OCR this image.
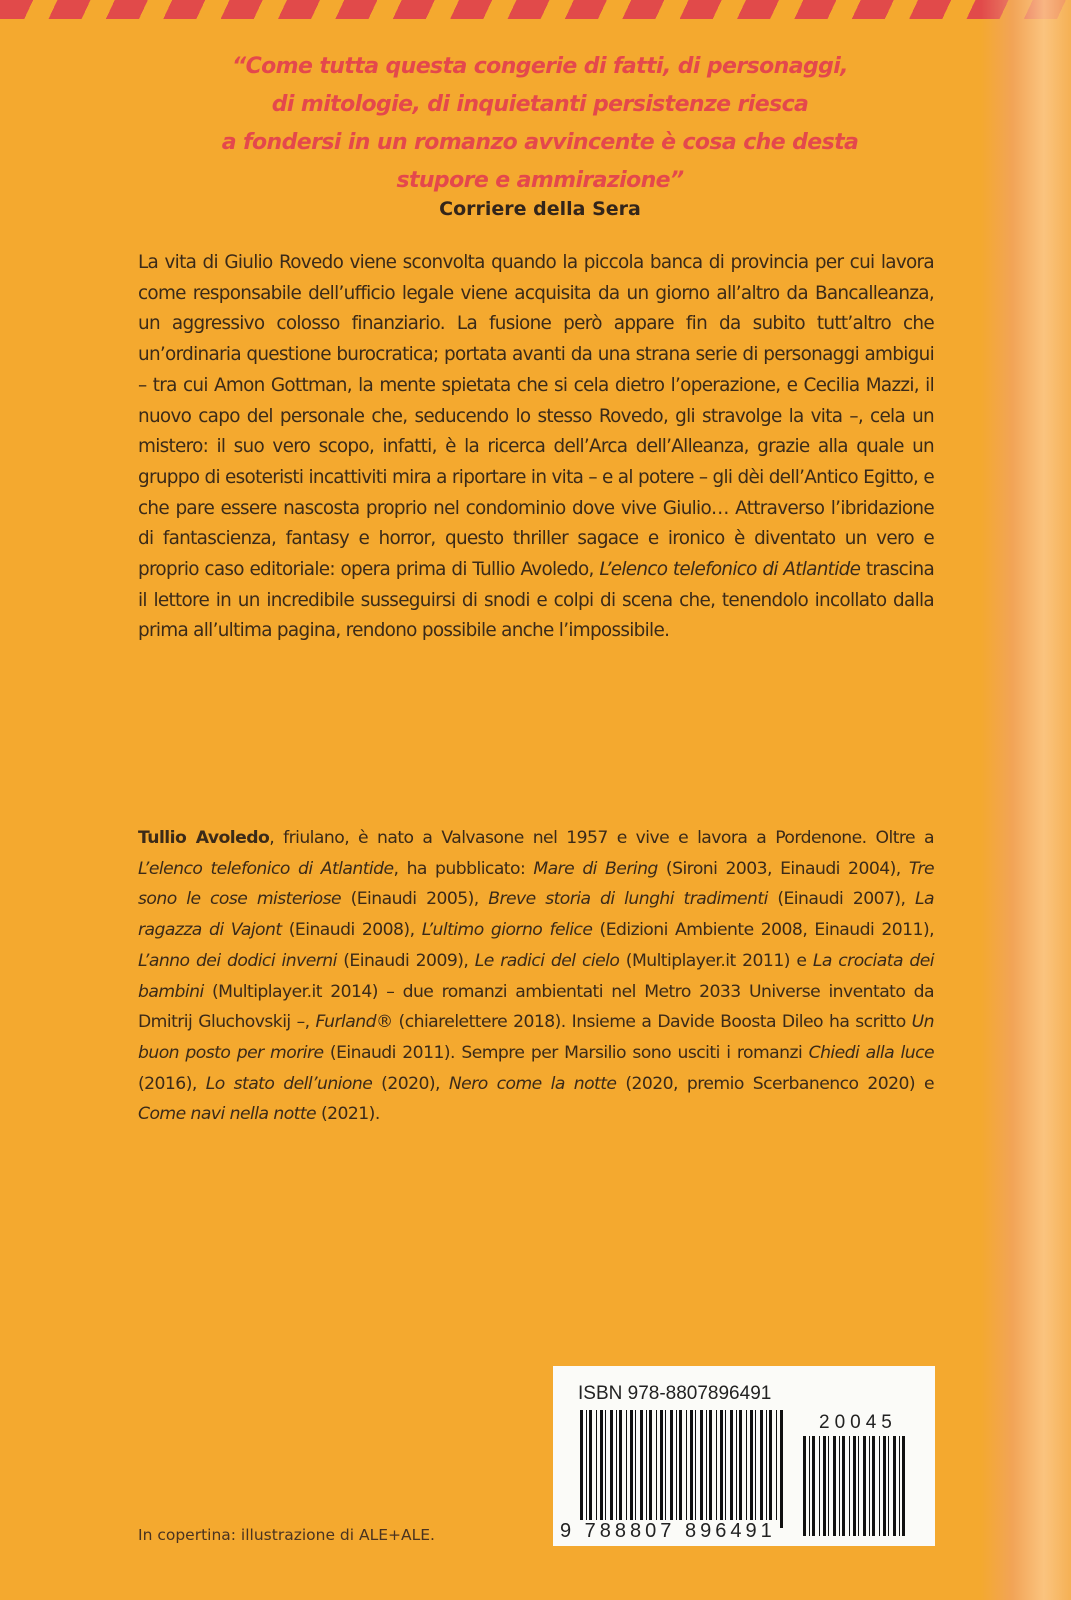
“Come tutta questa congerie di fatti, di personaggi,
di mitologie, di inquietanti persistenze riesca
a fondersi in un romanzo avvincente è cosa che desta
stupore e ammirazione”
Corriere della Sera
La vita di Giulio Rovedo viene sconvolta quando la piccola banca di provincia per cui lavora come responsabile dell’ufficio legale viene acquisita da un giorno all’altro da Bancalleanza, un aggressivo colosso finanziario. La fusione però appare fin da subito tutt’altro che un’ordinaria questione burocratica; portata avanti da una strana serie di personaggi ambigui – tra cui Amon Gottman, la mente spietata che si cela dietro l’operazione, e Cecilia Mazzi, il nuovo capo del personale che, seducendo lo stesso Rovedo, gli stravolge la vita –, cela un mistero: il suo vero scopo, infatti, è la ricerca dell’Arca dell’Alleanza, grazie alla quale un gruppo di esoteristi incattiviti mira a riportare in vita – e al potere – gli dèi dell’Antico Egitto, e che pare essere nascosta proprio nel condominio dove vive Giulio… Attraverso l’ibridazione di fantascienza, fantasy e horror, questo thriller sagace e ironico è diventato un vero e proprio caso editoriale: opera prima di Tullio Avoledo, L’elenco telefonico di Atlantide trascina il lettore in un incredibile susseguirsi di snodi e colpi di scena che, tenendolo incollato dalla prima all’ultima pagina, rendono possibile anche l’impossibile.
Tullio Avoledo, friulano, è nato a Valvasone nel 1957 e vive e lavora a Pordenone. Oltre a L’elenco telefonico di Atlantide, ha pubblicato: Mare di Bering (Sironi 2003, Einaudi 2004), Tre sono le cose misteriose (Einaudi 2005), Breve storia di lunghi tradimenti (Einaudi 2007), La ragazza di Vajont (Einaudi 2008), L’ultimo giorno felice (Edizioni Ambiente 2008, Einaudi 2011), L’anno dei dodici inverni (Einaudi 2009), Le radici del cielo (Multiplayer.it 2011) e La crociata dei bambini (Multiplayer.it 2014) – due romanzi ambientati nel Metro 2033 Universe inventato da Dmitrij Gluchovskij –, Furland® (chiarelettere 2018). Insieme a Davide Boosta Dileo ha scritto Un buon posto per morire (Einaudi 2011). Sempre per Marsilio sono usciti i romanzi Chiedi alla luce (2016), Lo stato dell’unione (2020), Nero come la notte (2020, premio Scerbanenco 2020) e Come navi nella notte (2021).
ISBN 978-8807896491
20045
9 788807 896491
In copertina: illustrazione di ALE+ALE.
